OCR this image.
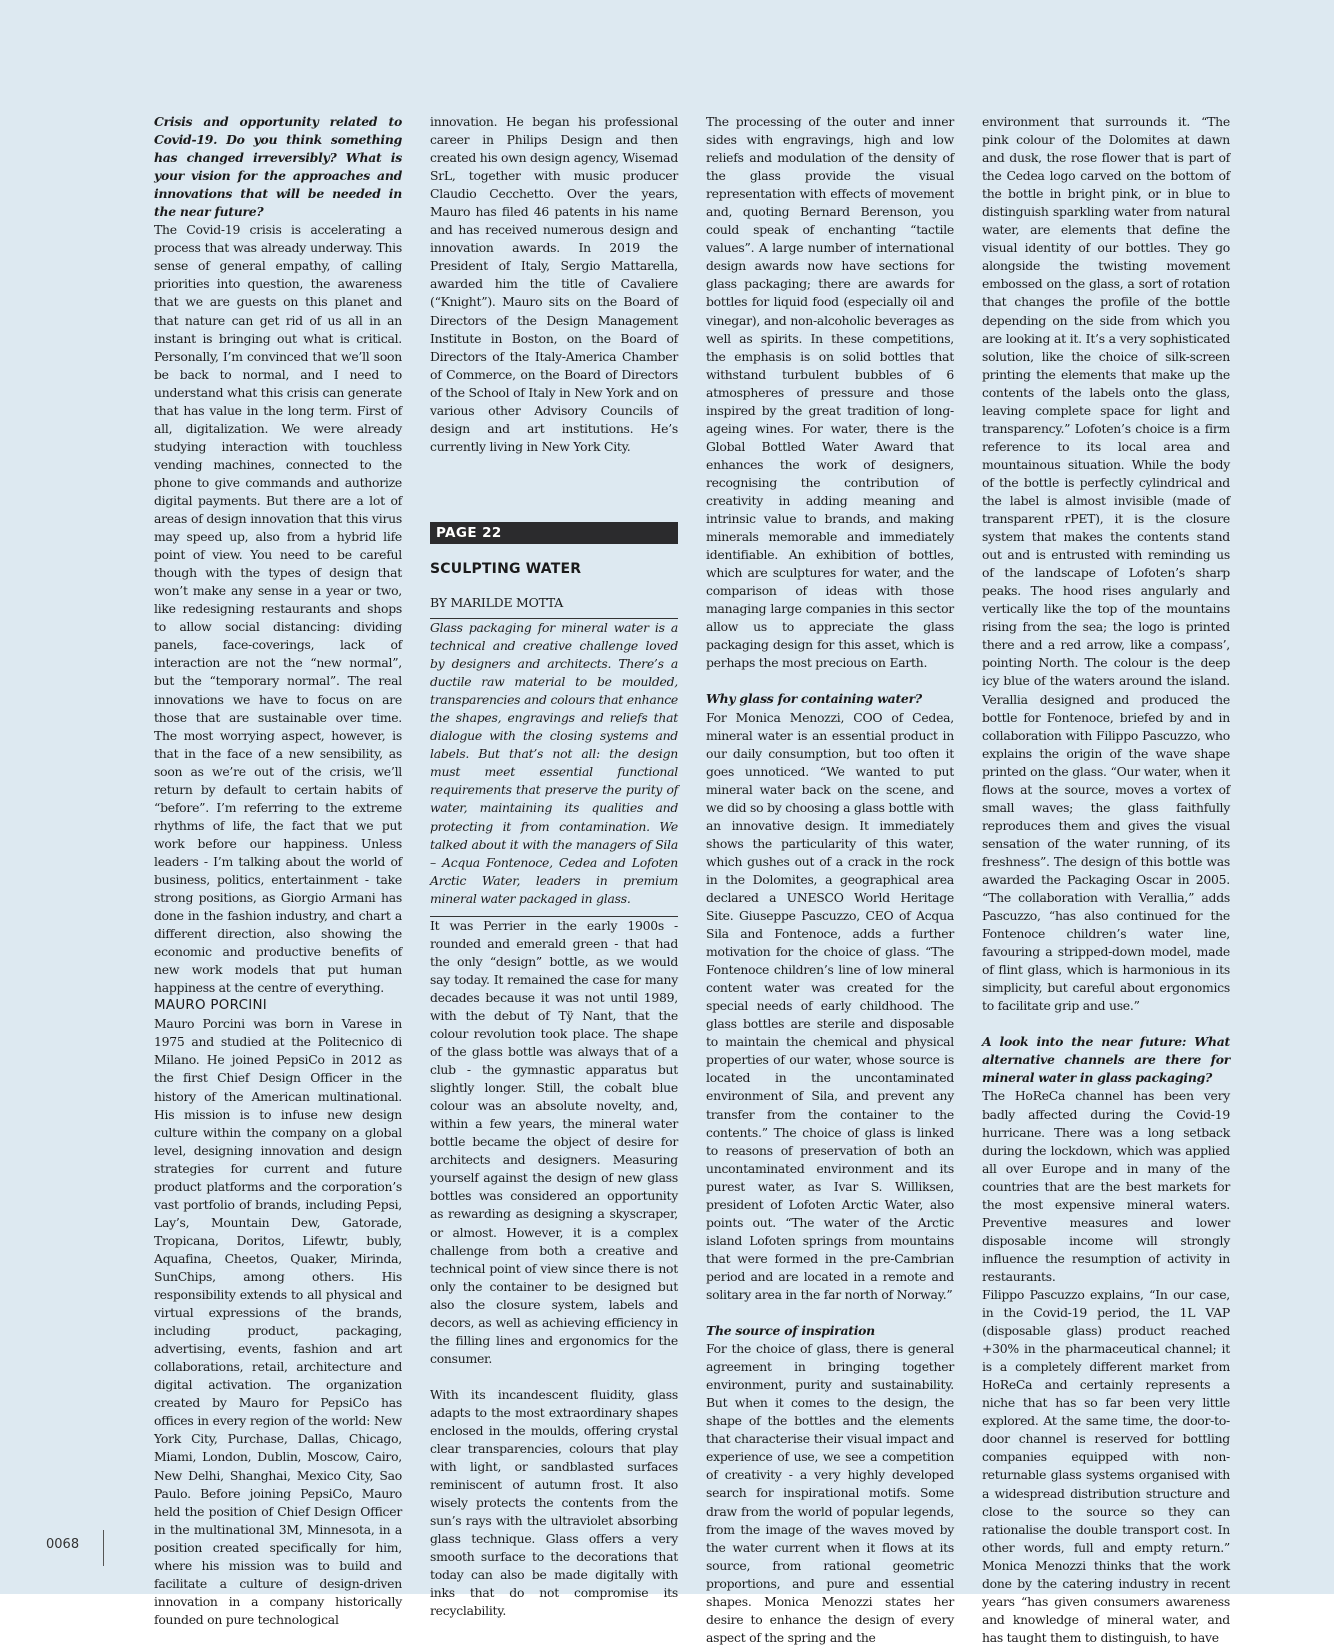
Crisis and opportunity related to Covid-19. Do you think something has changed irreversibly? What is your vision for the approaches and innovations that will be needed in the near future?

The Covid-19 crisis is accelerating a process that was already underway. This sense of general empathy, of calling priorities into question, the awareness that we are guests on this planet and that nature can get rid of us all in an instant is bringing out what is critical. Personally, I’m convinced that we’ll soon be back to normal, and I need to understand what this crisis can generate that has value in the long term. First of all, digitalization. We were already studying interaction with touchless vending machines, connected to the phone to give commands and authorize digital payments. But there are a lot of areas of design innovation that this virus may speed up, also from a hybrid life point of view. You need to be careful though with the types of design that won’t make any sense in a year or two, like redesigning restaurants and shops to allow social distancing: dividing panels, face-coverings, lack of interaction are not the “new normal”, but the “temporary normal”. The real innovations we have to focus on are those that are sustainable over time. The most worrying aspect, however, is that in the face of a new sensibility, as soon as we’re out of the crisis, we’ll return by default to certain habits of “before”. I’m referring to the extreme rhythms of life, the fact that we put work before our happiness. Unless leaders - I’m talking about the world of business, politics, entertainment - take strong positions, as Giorgio Armani has done in the fashion industry, and chart a different direction, also showing the economic and productive benefits of new work models that put human happiness at the centre of everything.

MAURO PORCINI

Mauro Porcini was born in Varese in 1975 and studied at the Politecnico di Milano. He joined PepsiCo in 2012 as the first Chief Design Officer in the history of the American multinational. His mission is to infuse new design culture within the company on a global level, designing innovation and design strategies for current and future product platforms and the corporation’s vast portfolio of brands, including Pepsi, Lay’s, Mountain Dew, Gatorade, Tropicana, Doritos, Lifewtr, bubly, Aquafina, Cheetos, Quaker, Mirinda, SunChips, among others. His responsibility extends to all physical and virtual expressions of the brands, including product, packaging, advertising, events, fashion and art collaborations, retail, architecture and digital activation. The organization created by Mauro for PepsiCo has offices in every region of the world: New York City, Purchase, Dallas, Chicago, Miami, London, Dublin, Moscow, Cairo, New Delhi, Shanghai, Mexico City, Sao Paulo. Before joining PepsiCo, Mauro held the position of Chief Design Officer in the multinational 3M, Minnesota, in a position created specifically for him, where his mission was to build and facilitate a culture of design-driven innovation in a company historically founded on pure technological

innovation. He began his professional career in Philips Design and then created his own design agency, Wisemad SrL, together with music producer Claudio Cecchetto. Over the years, Mauro has filed 46 patents in his name and has received numerous design and innovation awards. In 2019 the President of Italy, Sergio Mattarella, awarded him the title of Cavaliere (“Knight”). Mauro sits on the Board of Directors of the Design Management Institute in Boston, on the Board of Directors of the Italy-America Chamber of Commerce, on the Board of Directors of the School of Italy in New York and on various other Advisory Councils of design and art institutions. He’s currently living in New York City.

PAGE 22
SCULPTING WATER
BY MARILDE MOTTA

Glass packaging for mineral water is a technical and creative challenge loved by designers and architects. There’s a ductile raw material to be moulded, transparencies and colours that enhance the shapes, engravings and reliefs that dialogue with the closing systems and labels. But that’s not all: the design must meet essential functional requirements that preserve the purity of water, maintaining its qualities and protecting it from contamination. We talked about it with the managers of Sila – Acqua Fontenoce, Cedea and Lofoten Arctic Water, leaders in premium mineral water packaged in glass.

It was Perrier in the early 1900s - rounded and emerald green - that had the only “design” bottle, as we would say today. It remained the case for many decades because it was not until 1989, with the debut of Tÿ Nant, that the colour revolution took place. The shape of the glass bottle was always that of a club - the gymnastic apparatus but slightly longer. Still, the cobalt blue colour was an absolute novelty, and, within a few years, the mineral water bottle became the object of desire for architects and designers. Measuring yourself against the design of new glass bottles was considered an opportunity as rewarding as designing a skyscraper, or almost. However, it is a complex challenge from both a creative and technical point of view since there is not only the container to be designed but also the closure system, labels and decors, as well as achieving efficiency in the filling lines and ergonomics for the consumer.

With its incandescent fluidity, glass adapts to the most extraordinary shapes enclosed in the moulds, offering crystal clear transparencies, colours that play with light, or sandblasted surfaces reminiscent of autumn frost. It also wisely protects the contents from the sun’s rays with the ultraviolet absorbing glass technique. Glass offers a very smooth surface to the decorations that today can also be made digitally with inks that do not compromise its recyclability.

The processing of the outer and inner sides with engravings, high and low reliefs and modulation of the density of the glass provide the visual representation with effects of movement and, quoting Bernard Berenson, you could speak of enchanting “tactile values”. A large number of international design awards now have sections for glass packaging; there are awards for bottles for liquid food (especially oil and vinegar), and non-alcoholic beverages as well as spirits. In these competitions, the emphasis is on solid bottles that withstand turbulent bubbles of 6 atmospheres of pressure and those inspired by the great tradition of long-ageing wines. For water, there is the Global Bottled Water Award that enhances the work of designers, recognising the contribution of creativity in adding meaning and intrinsic value to brands, and making minerals memorable and immediately identifiable. An exhibition of bottles, which are sculptures for water, and the comparison of ideas with those managing large companies in this sector allow us to appreciate the glass packaging design for this asset, which is perhaps the most precious on Earth.

Why glass for containing water?

For Monica Menozzi, COO of Cedea, mineral water is an essential product in our daily consumption, but too often it goes unnoticed. “We wanted to put mineral water back on the scene, and we did so by choosing a glass bottle with an innovative design. It immediately shows the particularity of this water, which gushes out of a crack in the rock in the Dolomites, a geographical area declared a UNESCO World Heritage Site. Giuseppe Pascuzzo, CEO of Acqua Sila and Fontenoce, adds a further motivation for the choice of glass. “The Fontenoce children’s line of low mineral content water was created for the special needs of early childhood. The glass bottles are sterile and disposable to maintain the chemical and physical properties of our water, whose source is located in the uncontaminated environment of Sila, and prevent any transfer from the container to the contents.” The choice of glass is linked to reasons of preservation of both an uncontaminated environment and its purest water, as Ivar S. Williksen, president of Lofoten Arctic Water, also points out. “The water of the Arctic island Lofoten springs from mountains that were formed in the pre-Cambrian period and are located in a remote and solitary area in the far north of Norway.”

The source of inspiration

For the choice of glass, there is general agreement in bringing together environment, purity and sustainability. But when it comes to the design, the shape of the bottles and the elements that characterise their visual impact and experience of use, we see a competition of creativity - a very highly developed search for inspirational motifs. Some draw from the world of popular legends, from the image of the waves moved by the water current when it flows at its source, from rational geometric proportions, and pure and essential shapes. Monica Menozzi states her desire to enhance the design of every aspect of the spring and the

environment that surrounds it. “The pink colour of the Dolomites at dawn and dusk, the rose flower that is part of the Cedea logo carved on the bottom of the bottle in bright pink, or in blue to distinguish sparkling water from natural water, are elements that define the visual identity of our bottles. They go alongside the twisting movement embossed on the glass, a sort of rotation that changes the profile of the bottle depending on the side from which you are looking at it. It’s a very sophisticated solution, like the choice of silk-screen printing the elements that make up the contents of the labels onto the glass, leaving complete space for light and transparency.” Lofoten’s choice is a firm reference to its local area and mountainous situation. While the body of the bottle is perfectly cylindrical and the label is almost invisible (made of transparent rPET), it is the closure system that makes the contents stand out and is entrusted with reminding us of the landscape of Lofoten’s sharp peaks. The hood rises angularly and vertically like the top of the mountains rising from the sea; the logo is printed there and a red arrow, like a compass’, pointing North. The colour is the deep icy blue of the waters around the island. Verallia designed and produced the bottle for Fontenoce, briefed by and in collaboration with Filippo Pascuzzo, who explains the origin of the wave shape printed on the glass. “Our water, when it flows at the source, moves a vortex of small waves; the glass faithfully reproduces them and gives the visual sensation of the water running, of its freshness”. The design of this bottle was awarded the Packaging Oscar in 2005. “The collaboration with Verallia,” adds Pascuzzo, “has also continued for the Fontenoce children’s water line, favouring a stripped-down model, made of flint glass, which is harmonious in its simplicity, but careful about ergonomics to facilitate grip and use.”

A look into the near future: What alternative channels are there for mineral water in glass packaging?

The HoReCa channel has been very badly affected during the Covid-19 hurricane. There was a long setback during the lockdown, which was applied all over Europe and in many of the countries that are the best markets for the most expensive mineral waters. Preventive measures and lower disposable income will strongly influence the resumption of activity in restaurants.

Filippo Pascuzzo explains, “In our case, in the Covid-19 period, the 1L VAP (disposable glass) product reached +30% in the pharmaceutical channel; it is a completely different market from HoReCa and certainly represents a niche that has so far been very little explored. At the same time, the door-to-door channel is reserved for bottling companies equipped with non-returnable glass systems organised with a widespread distribution structure and close to the source so they can rationalise the double transport cost. In other words, full and empty return.” Monica Menozzi thinks that the work done by the catering industry in recent years “has given consumers awareness and knowledge of mineral water, and has taught them to distinguish, to have

0068
